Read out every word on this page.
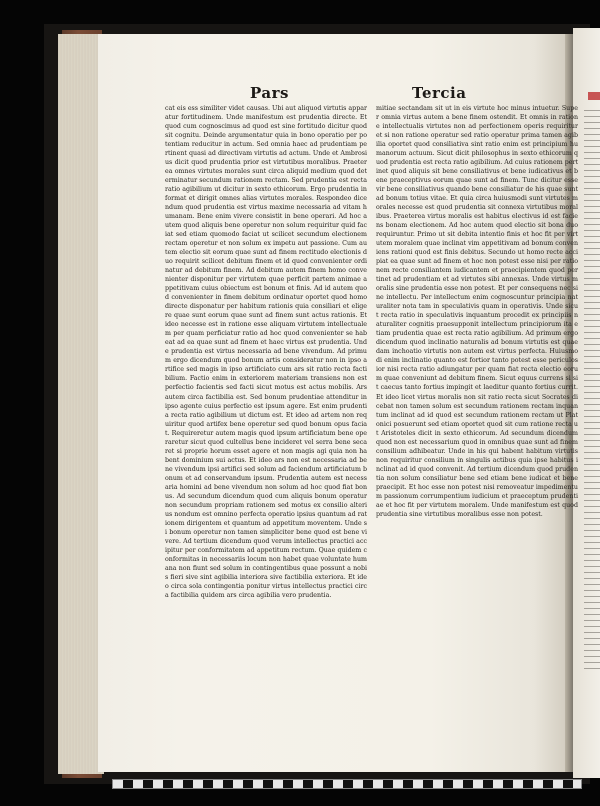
Pars	Tercia

cat eis ess similiter videt causas. Ubi aut aliquod virtutis apparatur fortitudinem. Unde manifestum est prudentia directe. Et quod cum cognoscimus ad quod est sine fortitudo dicitur quod sit cognitu. Deinde argumentatur quia in bono operatio per potentiam reducitur in actum. Sed omnia haec ad prudentiam pertinent quasi ad directivam virtutis ad actum. Unde et Ambrosius dicit quod prudentia prior est virtutibus moralibus. Praeterea omnes virtutes morales sunt circa aliquid medium quod determinatur secundum rationem rectam. Sed prudentia est recta ratio agibilium ut dicitur in sexto ethicorum. Ergo prudentia informat et dirigit omnes alias virtutes morales. Respondeo dicendum quod prudentia est virtus maxime necessaria ad vitam humanam. Bene enim vivere consistit in bene operari. Ad hoc autem quod aliquis bene operetur non solum requiritur quid faciat sed etiam quomodo faciat ut scilicet secundum electionem rectam operetur et non solum ex impetu aut passione. Cum autem electio sit eorum quae sunt ad finem rectitudo electionis duo requirit scilicet debitum finem et id quod convenienter ordinatur ad debitum finem. Ad debitum autem finem homo convenienter disponitur per virtutem quae perficit partem animae appetitivam cuius obiectum est bonum et finis. Ad id autem quod convenienter in finem debitum ordinatur oportet quod homo directe disponatur per habitum rationis quia consiliari et eligere quae sunt eorum quae sunt ad finem sunt actus rationis. Et ideo necesse est in ratione esse aliquam virtutem intellectualem per quam perficiatur ratio ad hoc quod convenienter se habeat ad ea quae sunt ad finem et haec virtus est prudentia. Unde prudentia est virtus necessaria ad bene vivendum. Ad primum ergo dicendum quod bonum artis consideratur non in ipso artifice sed magis in ipso artificiato cum ars sit ratio recta factibilium. Factio enim in exteriorem materiam transiens non est perfectio facientis sed facti sicut motus est actus mobilis. Ars autem circa factibilia est. Sed bonum prudentiae attenditur in ipso agente cuius perfectio est ipsum agere. Est enim prudentia recta ratio agibilium ut dictum est. Et ideo ad artem non requiritur quod artifex bene operetur sed quod bonum opus faciat. Requireretur autem magis quod ipsum artificiatum bene operaretur sicut quod cultellus bene incideret vel serra bene secaret si proprie horum esset agere et non magis agi quia non habent dominium sui actus. Et ideo ars non est necessaria ad bene vivendum ipsi artifici sed solum ad faciendum artificiatum bonum et ad conservandum ipsum. Prudentia autem est necessaria homini ad bene vivendum non solum ad hoc quod fiat bonus. Ad secundum dicendum quod cum aliquis bonum operatur non secundum propriam rationem sed motus ex consilio alterius nondum est omnino perfecta operatio ipsius quantum ad rationem dirigentem et quantum ad appetitum moventem. Unde si bonum operetur non tamen simpliciter bene quod est bene vivere. Ad tertium dicendum quod verum intellectus practici accipitur per conformitatem ad appetitum rectum. Quae quidem conformitas in necessariis locum non habet quae voluntate humana non fiunt sed solum in contingentibus quae possunt a nobis fieri sive sint agibilia interiora sive factibilia exteriora. Et ideo circa sola contingentia ponitur virtus intellectus practici circa factibilia quidem ars circa agibilia vero prudentia.

mitiae sectandam sit ut in eis virtute hoc minus intuetur. Super omnia virtus autem a bene finem ostendit. Et omnis in ratione intellectualis virtutes non ad perfectionem operis requiritur et si non ratione operatur sed ratio operatur prima tamen agibilia oportet quod consiliativa sint ratio enim est principium humanorum actuum. Sicut dicit philosophus in sexto ethicorum quod prudentia est recta ratio agibilium. Ad cuius rationem pertinet quod aliquis sit bene consiliativus et bene iudicativus et bene praeceptivus eorum quae sunt ad finem. Tunc dicitur esse vir bene consiliativus quando bene consiliatur de his quae sunt ad bonum totius vitae. Et quia circa huiusmodi sunt virtutes morales necesse est quod prudentia sit connexa virtutibus moralibus. Praeterea virtus moralis est habitus electivus id est faciens bonam electionem. Ad hoc autem quod electio sit bona duo requiruntur. Primo ut sit debita intentio finis et hoc fit per virtutem moralem quae inclinat vim appetitivam ad bonum conveniens rationi quod est finis debitus. Secundo ut homo recte accipiat ea quae sunt ad finem et hoc non potest esse nisi per rationem recte consiliantem iudicantem et praecipientem quod pertinet ad prudentiam et ad virtutes sibi annexas. Unde virtus moralis sine prudentia esse non potest. Et per consequens nec sine intellectu. Per intellectum enim cognoscuntur principia naturaliter nota tam in speculativis quam in operativis. Unde sicut recta ratio in speculativis inquantum procedit ex principiis naturaliter cognitis praesupponit intellectum principiorum ita etiam prudentia quae est recta ratio agibilium. Ad primum ergo dicendum quod inclinatio naturalis ad bonum virtutis est quaedam inchoatio virtutis non autem est virtus perfecta. Huiusmodi enim inclinatio quanto est fortior tanto potest esse periculosior nisi recta ratio adiungatur per quam fiat recta electio eorum quae conveniunt ad debitum finem. Sicut equus currens si sit caecus tanto fortius impingit et laeditur quanto fortius currit. Et ideo licet virtus moralis non sit ratio recta sicut Socrates dicebat non tamen solum est secundum rationem rectam inquantum inclinat ad id quod est secundum rationem rectam ut Platonici posuerunt sed etiam oportet quod sit cum ratione recta ut Aristoteles dicit in sexto ethicorum. Ad secundum dicendum quod non est necessarium quod in omnibus quae sunt ad finem consilium adhibeatur. Unde in his qui habent habitum virtutis non requiritur consilium in singulis actibus quia ipse habitus inclinat ad id quod convenit. Ad tertium dicendum quod prudentia non solum consiliatur bene sed etiam bene iudicat et bene praecipit. Et hoc esse non potest nisi removeatur impedimentum passionum corrumpentium iudicium et praeceptum prudentiae et hoc fit per virtutem moralem. Unde manifestum est quod prudentia sine virtutibus moralibus esse non potest.
